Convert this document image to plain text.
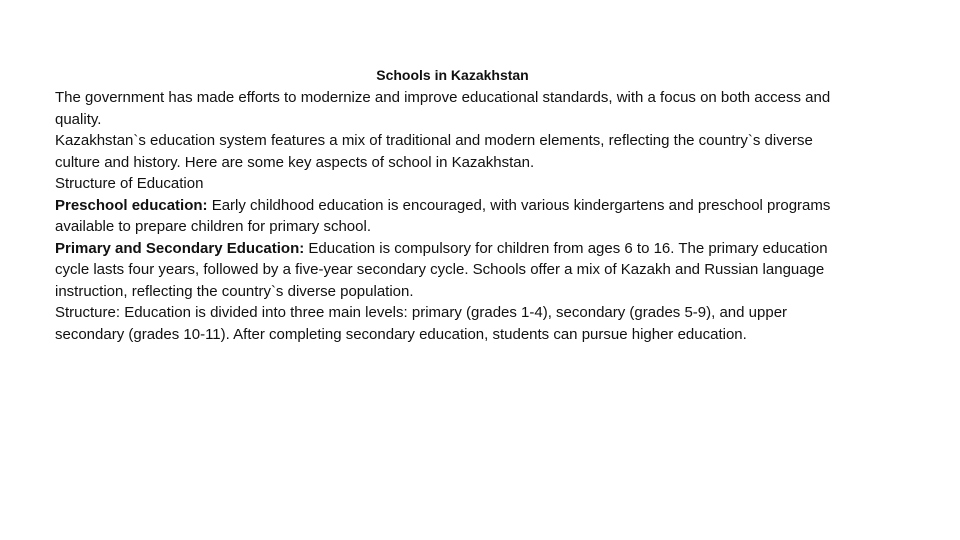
Schools in Kazakhstan

The government has made efforts to modernize and improve educational standards, with a focus on both access and quality.

Kazakhstan`s education system features a mix of traditional and modern elements, reflecting the country`s diverse culture and history. Here are some key aspects of school in Kazakhstan.

Structure of Education

Preschool education: Early childhood education is encouraged, with various kindergartens and preschool programs available to prepare children for primary school.

Primary and Secondary Education: Education is compulsory for children from ages 6 to 16. The primary education cycle lasts four years, followed by a five-year secondary cycle. Schools offer a mix of Kazakh and Russian language instruction, reflecting the country`s diverse population.

Structure: Education is divided into three main levels: primary (grades 1-4), secondary (grades 5-9), and upper secondary (grades 10-11). After completing secondary education, students can pursue higher education.
